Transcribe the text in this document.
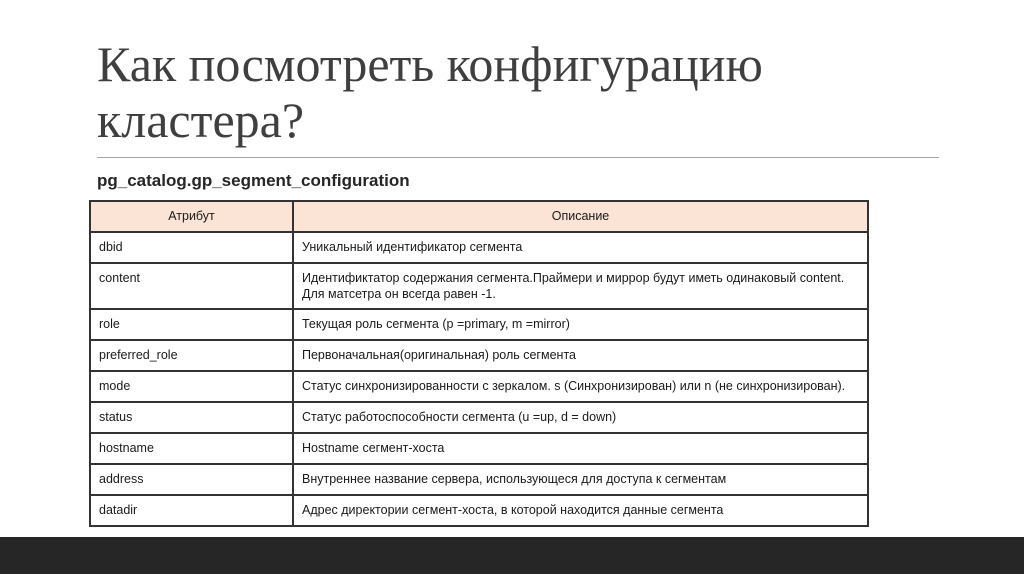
Как посмотреть конфигурацию кластера?
pg_catalog.gp_segment_configuration
Атрибут	Описание
dbid	Уникальный идентификатор сегмента
content	Идентификтатор содержания сегмента.Праймери и миррор будут иметь одинаковый content. Для матсетра он всегда равен -1.
role	Текущая роль сегмента (p =primary, m =mirror)
preferred_role	Первоначальная(оригинальная) роль сегмента
mode	Статус синхронизированности с зеркалом. s (Синхронизирован) или n (не синхронизирован).
status	Статус работоспособности сегмента (u =up, d = down)
hostname	Hostname сегмент-хоста
address	Внутреннее название сервера, использующеся для доступа к сегментам
datadir	Адрес директории сегмент-хоста, в которой находится данные сегмента
